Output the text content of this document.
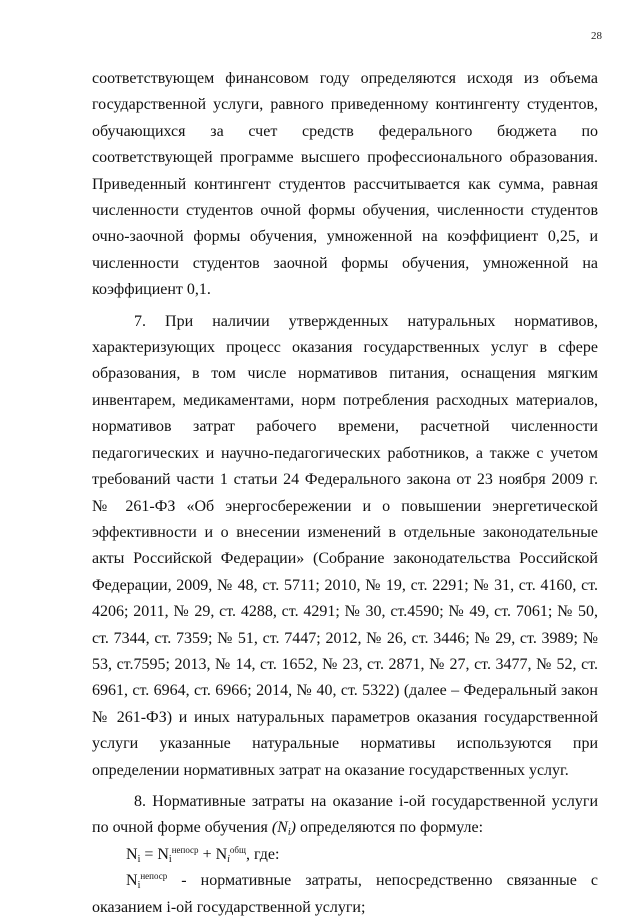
28

соответствующем финансовом году определяются исходя из объема государственной услуги, равного приведенному контингенту студентов, обучающихся за счет средств федерального бюджета по соответствующей программе высшего профессионального образования. Приведенный контингент студентов рассчитывается как сумма, равная численности студентов очной формы обучения, численности студентов очно-заочной формы обучения, умноженной на коэффициент 0,25, и численности студентов заочной формы обучения, умноженной на коэффициент 0,1.

7. При наличии утвержденных натуральных нормативов, характеризующих процесс оказания государственных услуг в сфере образования, в том числе нормативов питания, оснащения мягким инвентарем, медикаментами, норм потребления расходных материалов, нормативов затрат рабочего времени, расчетной численности педагогических и научно-педагогических работников, а также с учетом требований части 1 статьи 24 Федерального закона от 23 ноября 2009 г. № 261-ФЗ «Об энергосбережении и о повышении энергетической эффективности и о внесении изменений в отдельные законодательные акты Российской Федерации» (Собрание законодательства Российской Федерации, 2009, № 48, ст. 5711; 2010, № 19, ст. 2291; № 31, ст. 4160, ст. 4206; 2011, № 29, ст. 4288, ст. 4291; № 30, ст.4590; № 49, ст. 7061; № 50, ст. 7344, ст. 7359; № 51, ст. 7447; 2012, № 26, ст. 3446; № 29, ст. 3989; № 53, ст.7595; 2013, № 14, ст. 1652, № 23, ст. 2871, № 27, ст. 3477, № 52, ст. 6961, ст. 6964, ст. 6966; 2014, № 40, ст. 5322) (далее – Федеральный закон № 261-ФЗ) и иных натуральных параметров оказания государственной услуги указанные натуральные нормативы используются при определении нормативных затрат на оказание государственных услуг.

8. Нормативные затраты на оказание i-ой государственной услуги по очной форме обучения $(N_i)$ определяются по формуле:

$N_i = N_i^{непоср} + N_i^{общ}$, где:

$N_i^{непоср}$ - нормативные затраты, непосредственно связанные с оказанием i-ой государственной услуги;
